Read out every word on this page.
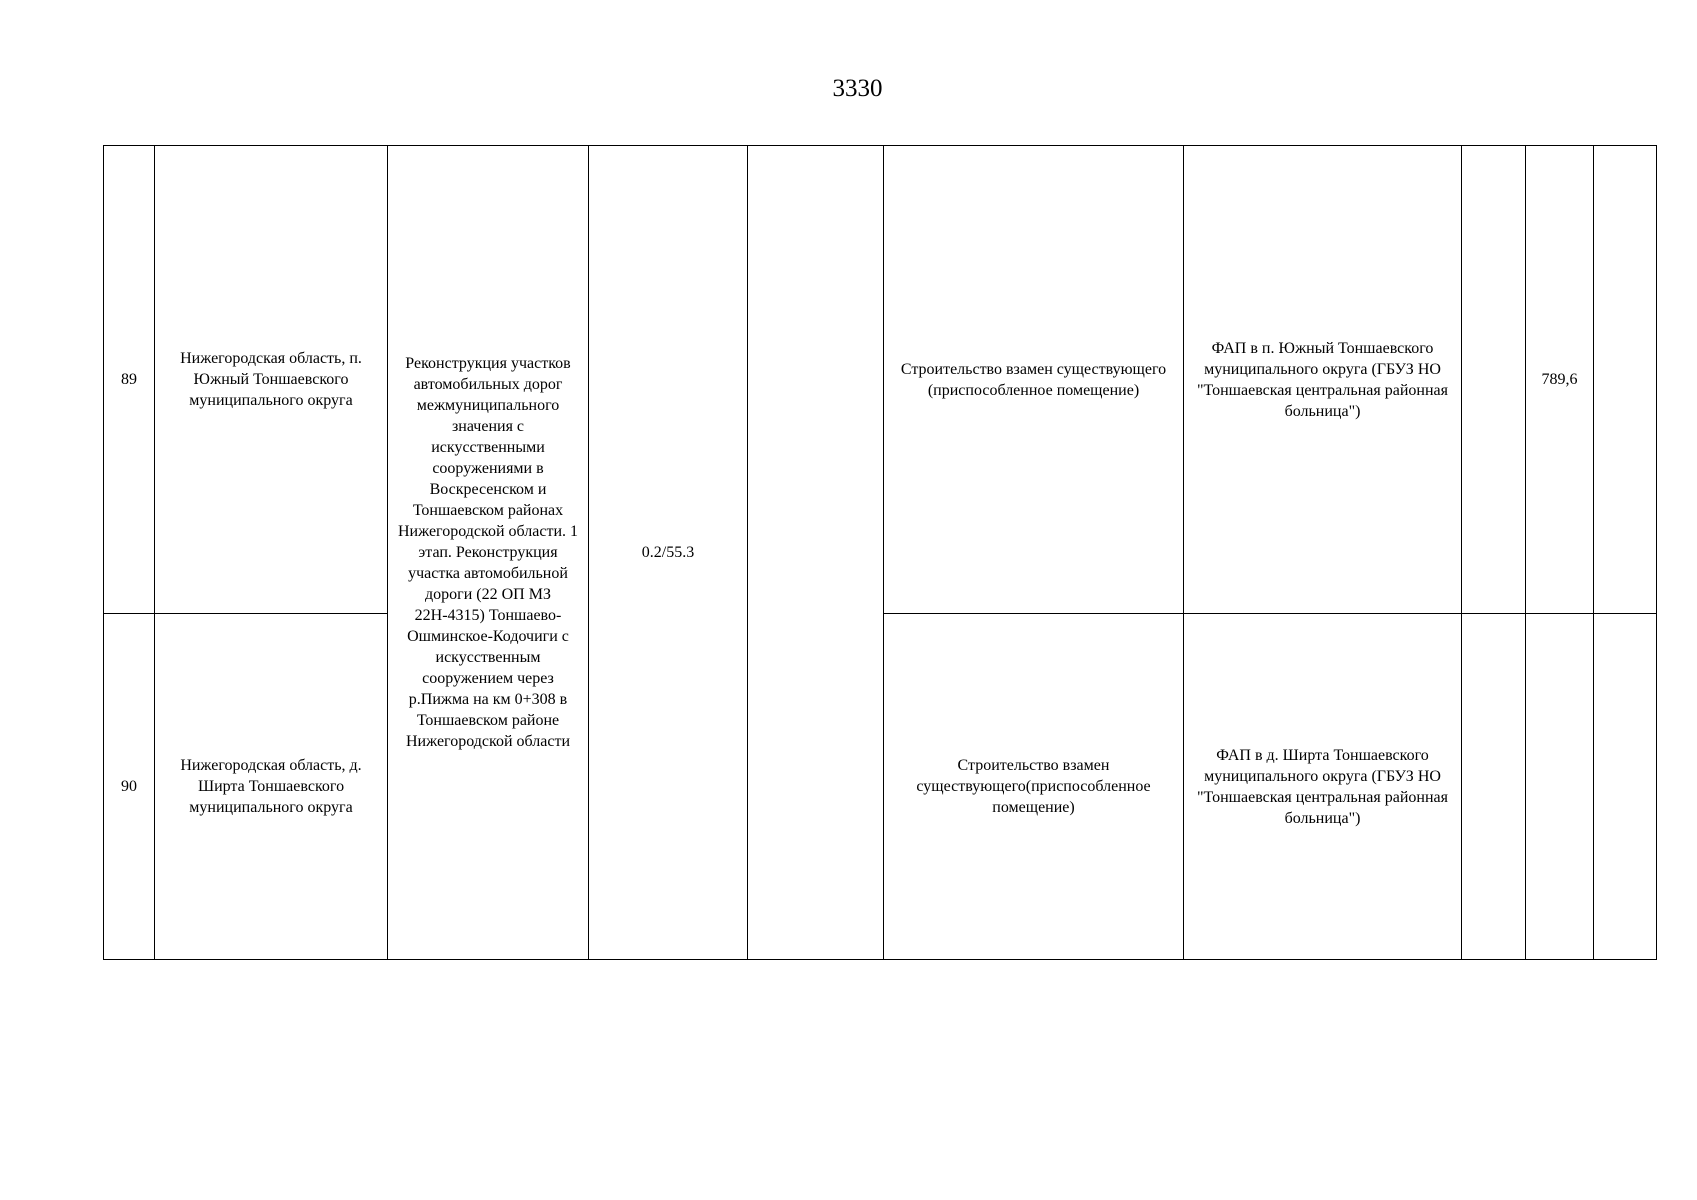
3330
89	Нижегородская область, п. Южный Тоншаевского муниципального округа	Реконструкция участков автомобильных дорог межмуниципального значения с искусственными сооружениями в Воскресенском и Тоншаевском районах Нижегородской области. 1 этап. Реконструкция участка автомобильной дороги (22 ОП МЗ 22Н-4315) Тоншаево-Ошминское-Кодочиги с искусственным сооружением через р.Пижма на км 0+308 в Тоншаевском районе Нижегородской области	0.2/55.3		Строительство взамен существующего (приспособленное помещение)	ФАП в п. Южный Тоншаевского муниципального округа (ГБУЗ НО "Тоншаевская центральная районная больница")		789,6	
90	Нижегородская область, д. Ширта Тоншаевского муниципального округа				Строительство взамен существующего(приспособленное помещение)	ФАП в д. Ширта Тоншаевского муниципального округа (ГБУЗ НО "Тоншаевская центральная районная больница")			
